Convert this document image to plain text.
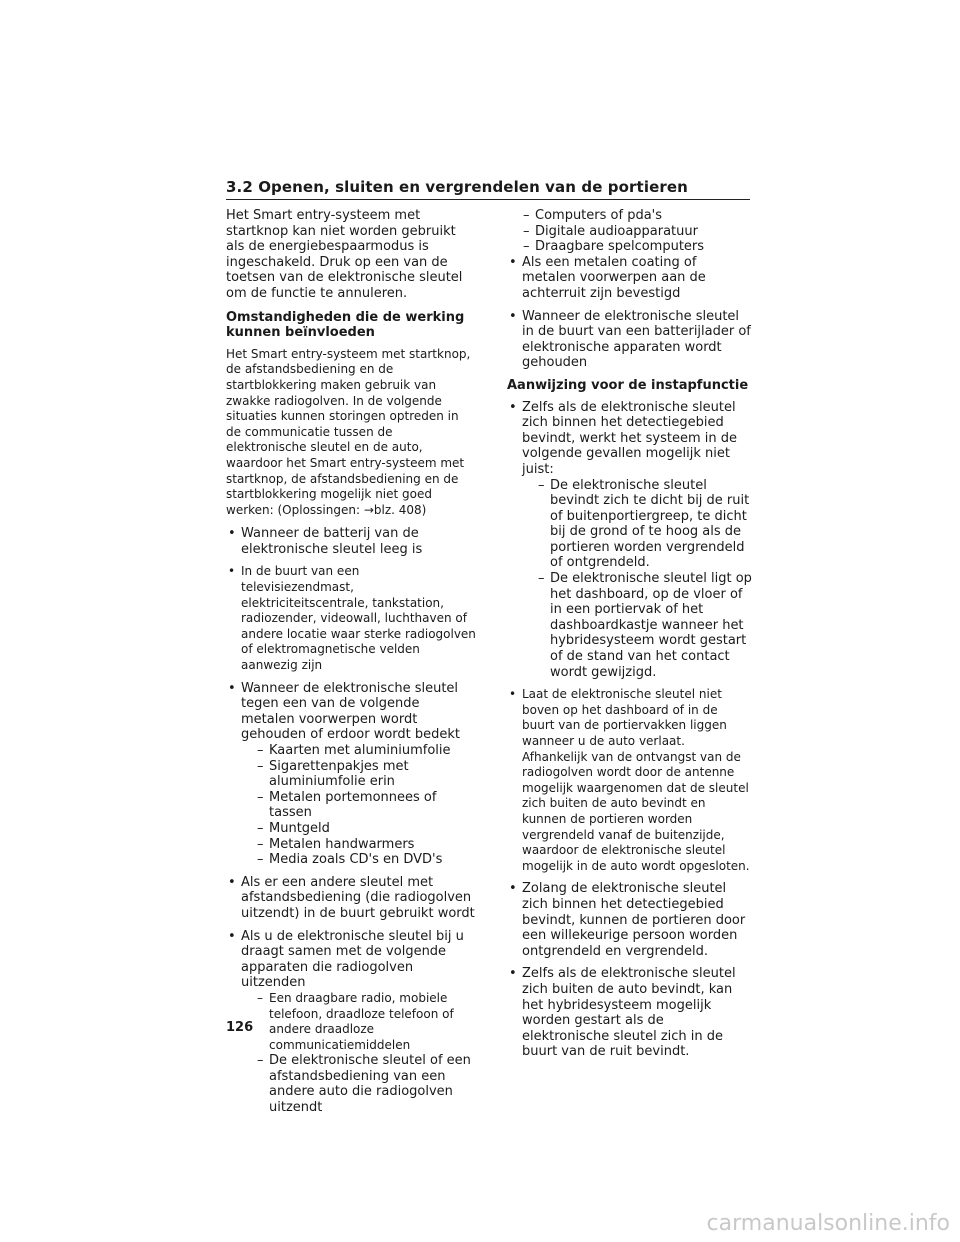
3.2 Openen, sluiten en vergrendelen van de portieren

Het Smart entry-systeem met startknop kan niet worden gebruikt als de energiebespaarmodus is ingeschakeld. Druk op een van de toetsen van de elektronische sleutel om de functie te annuleren.

Omstandigheden die de werking kunnen beïnvloeden

Het Smart entry-systeem met startknop, de afstandsbediening en de startblokkering maken gebruik van zwakke radiogolven. In de volgende situaties kunnen storingen optreden in de communicatie tussen de elektronische sleutel en de auto, waardoor het Smart entry-systeem met startknop, de afstandsbediening en de startblokkering mogelijk niet goed werken: (Oplossingen: →blz. 408)

• Wanneer de batterij van de elektronische sleutel leeg is
• In de buurt van een televisiezendmast, elektriciteitscentrale, tankstation, radiozender, videowall, luchthaven of andere locatie waar sterke radiogolven of elektromagnetische velden aanwezig zijn
• Wanneer de elektronische sleutel tegen een van de volgende metalen voorwerpen wordt gehouden of erdoor wordt bedekt
– Kaarten met aluminiumfolie
– Sigarettenpakjes met aluminiumfolie erin
– Metalen portemonnees of tassen
– Muntgeld
– Metalen handwarmers
– Media zoals CD's en DVD's
• Als er een andere sleutel met afstandsbediening (die radiogolven uitzendt) in de buurt gebruikt wordt
• Als u de elektronische sleutel bij u draagt samen met de volgende apparaten die radiogolven uitzenden
– Een draagbare radio, mobiele telefoon, draadloze telefoon of andere draadloze communicatiemiddelen
– De elektronische sleutel of een afstandsbediening van een andere auto die radiogolven uitzendt
– Computers of pda's
– Digitale audioapparatuur
– Draagbare spelcomputers
• Als een metalen coating of metalen voorwerpen aan de achterruit zijn bevestigd
• Wanneer de elektronische sleutel in de buurt van een batterijlader of elektronische apparaten wordt gehouden

Aanwijzing voor de instapfunctie

• Zelfs als de elektronische sleutel zich binnen het detectiegebied bevindt, werkt het systeem in de volgende gevallen mogelijk niet juist:
– De elektronische sleutel bevindt zich te dicht bij de ruit of buitenportiergreep, te dicht bij de grond of te hoog als de portieren worden vergrendeld of ontgrendeld.
– De elektronische sleutel ligt op het dashboard, op de vloer of in een portiervak of het dashboardkastje wanneer het hybridesysteem wordt gestart of de stand van het contact wordt gewijzigd.
• Laat de elektronische sleutel niet boven op het dashboard of in de buurt van de portiervakken liggen wanneer u de auto verlaat. Afhankelijk van de ontvangst van de radiogolven wordt door de antenne mogelijk waargenomen dat de sleutel zich buiten de auto bevindt en kunnen de portieren worden vergrendeld vanaf de buitenzijde, waardoor de elektronische sleutel mogelijk in de auto wordt opgesloten.
• Zolang de elektronische sleutel zich binnen het detectiegebied bevindt, kunnen de portieren door een willekeurige persoon worden ontgrendeld en vergrendeld.
• Zelfs als de elektronische sleutel zich buiten de auto bevindt, kan het hybridesysteem mogelijk worden gestart als de elektronische sleutel zich in de buurt van de ruit bevindt.
126
carmanualsonline.info
